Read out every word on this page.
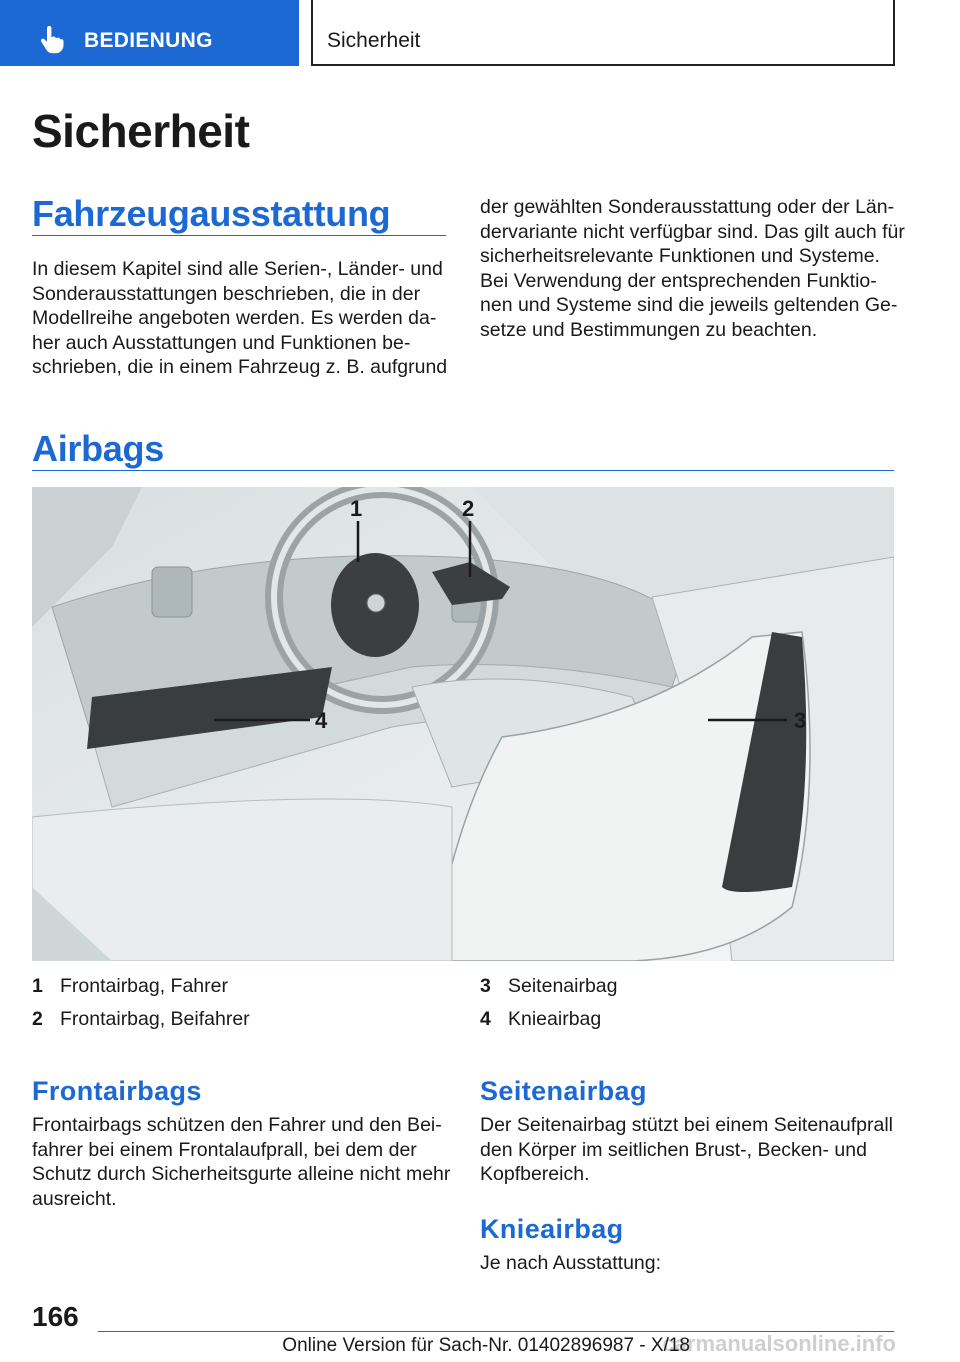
BEDIENUNG	Sicherheit
Sicherheit
Fahrzeugausstattung
In diesem Kapitel sind alle Serien-, Länder- und
Sonderausstattungen beschrieben, die in der
Modellreihe angeboten werden. Es werden da‐
her auch Ausstattungen und Funktionen be‐
schrieben, die in einem Fahrzeug z. B. aufgrund
der gewählten Sonderausstattung oder der Län‐
dervariante nicht verfügbar sind. Das gilt auch für
sicherheitsrelevante Funktionen und Systeme.
Bei Verwendung der entsprechenden Funktio‐
nen und Systeme sind die jeweils geltenden Ge‐
setze und Bestimmungen zu beachten.
Airbags
1	2
3
4
1 Frontairbag, Fahrer
2 Frontairbag, Beifahrer
3 Seitenairbag
4 Knieairbag
Frontairbags
Frontairbags schützen den Fahrer und den Bei‐
fahrer bei einem Frontalaufprall, bei dem der
Schutz durch Sicherheitsgurte alleine nicht mehr
ausreicht.
Seitenairbag
Der Seitenairbag stützt bei einem Seitenaufprall
den Körper im seitlichen Brust-, Becken- und
Kopfbereich.
Knieairbag
Je nach Ausstattung:
166
carmanualsonline.info
Online Version für Sach-Nr. 01402896987 - X/18
